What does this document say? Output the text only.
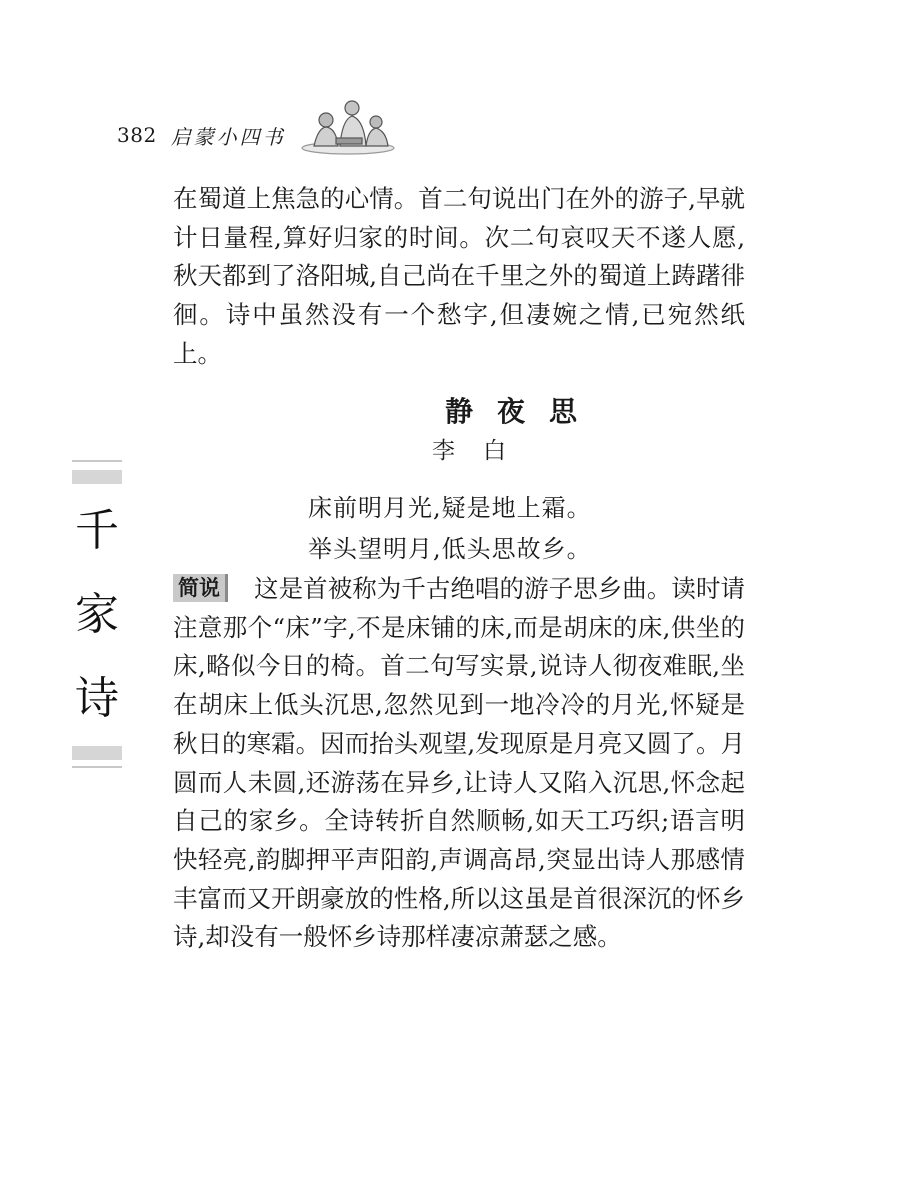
382 启蒙小四书
千
家
诗

在蜀道上焦急的心情。首二句说出门在外的游子,早就计日量程,算好归家的时间。次二句哀叹天不遂人愿,秋天都到了洛阳城,自己尚在千里之外的蜀道上踌躇徘徊。诗中虽然没有一个愁字,但凄婉之情,已宛然纸上。

静夜思
李白

床前明月光,疑是地上霜。

举头望明月,低头思故乡。

简说 这是首被称为千古绝唱的游子思乡曲。读时请注意那个“床”字,不是床铺的床,而是胡床的床,供坐的床,略似今日的椅。首二句写实景,说诗人彻夜难眠,坐在胡床上低头沉思,忽然见到一地冷冷的月光,怀疑是秋日的寒霜。因而抬头观望,发现原是月亮又圆了。月圆而人未圆,还游荡在异乡,让诗人又陷入沉思,怀念起自己的家乡。全诗转折自然顺畅,如天工巧织;语言明快轻亮,韵脚押平声阳韵,声调高昂,突显出诗人那感情丰富而又开朗豪放的性格,所以这虽是首很深沉的怀乡诗,却没有一般怀乡诗那样凄凉萧瑟之感。
